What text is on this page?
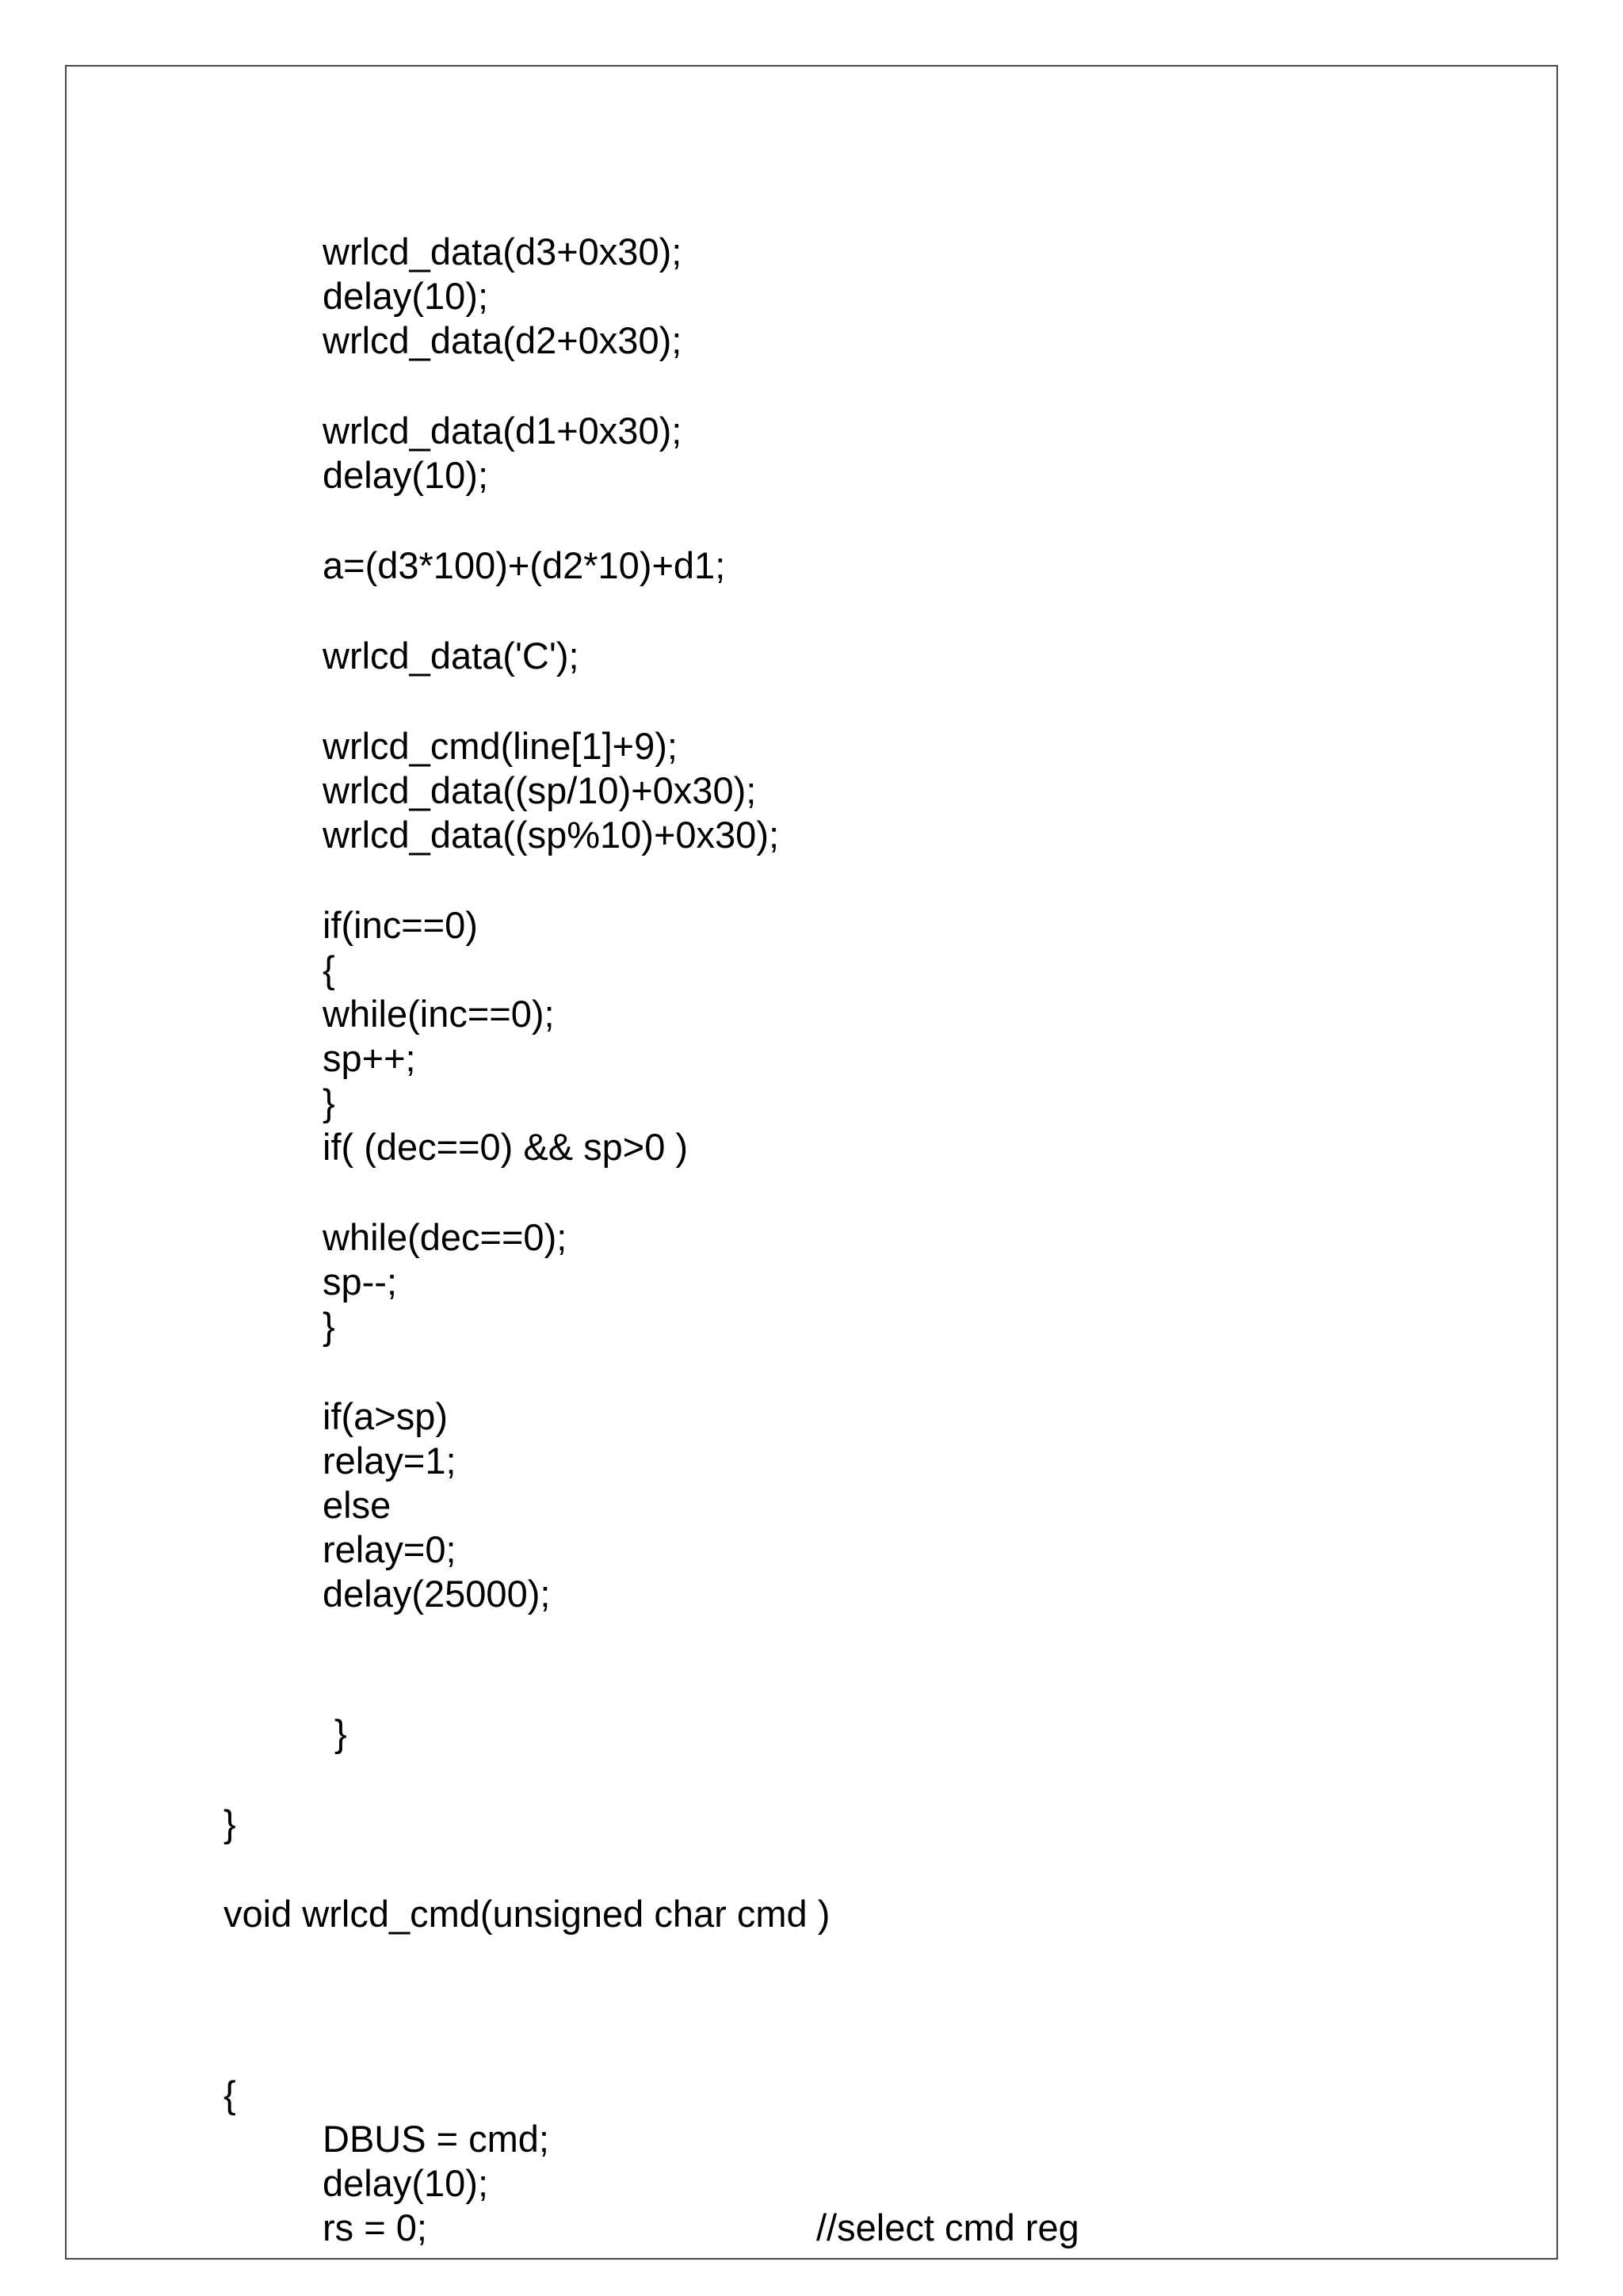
wrlcd_data(d3+0x30);
delay(10);
wrlcd_data(d2+0x30);
wrlcd_data(d1+0x30);
delay(10);
a=(d3*100)+(d2*10)+d1;
wrlcd_data('C');
wrlcd_cmd(line[1]+9);
wrlcd_data((sp/10)+0x30);
wrlcd_data((sp%10)+0x30);
if(inc==0)
{
while(inc==0);
sp++;
}
if( (dec==0) && sp>0 )
while(dec==0);
sp--;
}
if(a>sp)
relay=1;
else
relay=0;
delay(25000);
}
}
void wrlcd_cmd(unsigned char cmd )
{
DBUS = cmd;
delay(10);
rs = 0;	//select cmd reg
